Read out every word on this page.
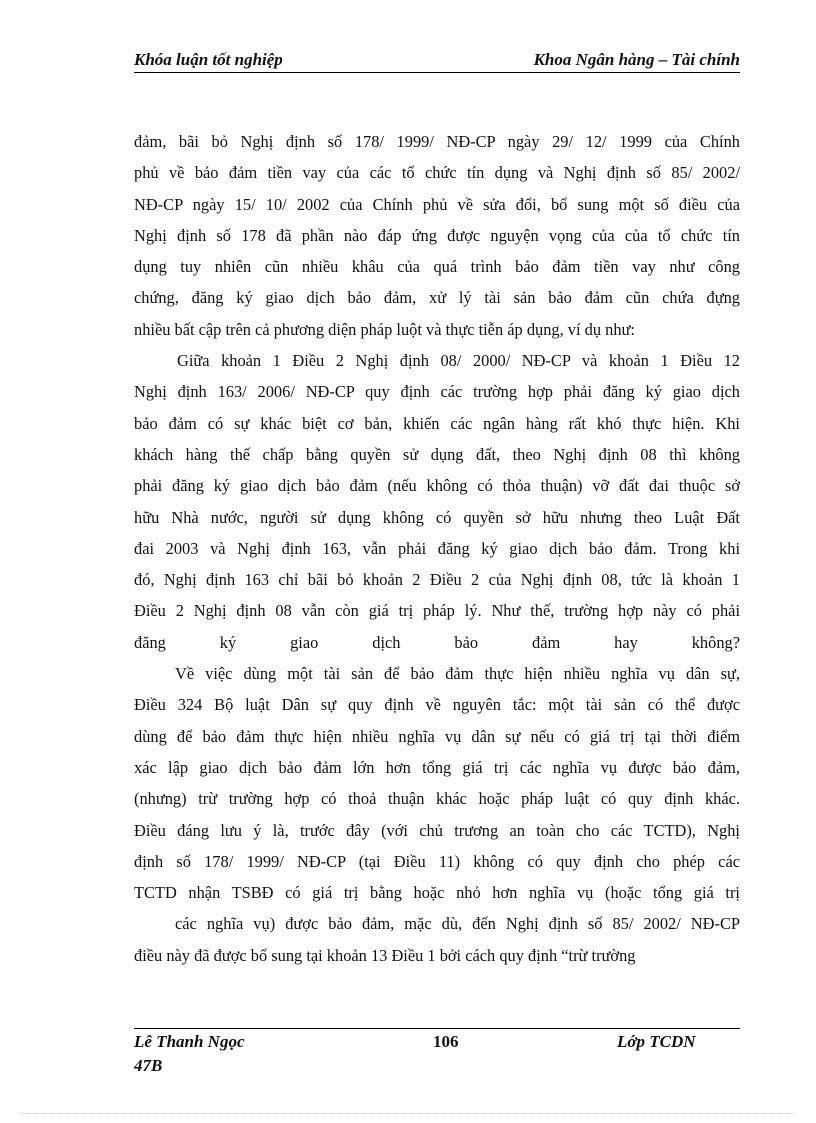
Khóa luận tốt nghiệp	Khoa Ngân hàng – Tài chính
đảm, bãi bỏ Nghị định số 178/ 1999/ NĐ-CP ngày 29/ 12/ 1999 của Chính
phủ về bảo đảm tiền vay của các tổ chức tín dụng và Nghị định số 85/ 2002/
NĐ-CP ngày 15/ 10/ 2002 của Chính phủ về sửa đổi, bổ sung một số điều của
Nghị định số 178 đã phần nào đáp ứng được nguyện vọng của của tổ chức tín
dụng tuy nhiên cũn nhiều khâu của quá trình bảo đảm tiền vay như công
chứng, đăng ký giao dịch bảo đảm, xử lý tài sản bảo đảm cũn chứa đựng
nhiều bất cập trên cả phương diện pháp luột và thực tiễn áp dụng, ví dụ như:
Giữa khoản 1 Điều 2 Nghị định 08/ 2000/ NĐ-CP và khoản 1 Điều 12
Nghị định 163/ 2006/ NĐ-CP quy định các trường hợp phải đăng ký giao dịch
bảo đảm có sự khác biệt cơ bản, khiến các ngân hàng rất khó thực hiện. Khi
khách hàng thế chấp bằng quyền sử dụng đất, theo Nghị định 08 thì không
phải đăng ký giao dịch bảo đảm (nếu không có thỏa thuận) vỡ đất đai thuộc sở
hữu Nhà nước, người sử dụng không có quyền sở hữu nhưng theo Luật Đất
đai 2003 và Nghị định 163, vẫn phải đăng ký giao dịch bảo đảm. Trong khi
đó, Nghị định 163 chỉ bãi bỏ khoản 2 Điều 2 của Nghị định 08, tức là khoản 1
Điều 2 Nghị định 08 vẫn còn giá trị pháp lý. Như thế, trường hợp này có phải
đăng ký giao dịch bảo đảm hay không?
Về việc dùng một tài sản để bảo đảm thực hiện nhiều nghĩa vụ dân sự,
Điều 324 Bộ luật Dân sự quy định về nguyên tắc: một tài sản có thể được
dùng để bảo đảm thực hiện nhiều nghĩa vụ dân sự nếu có giá trị tại thời điểm
xác lập giao dịch bảo đảm lớn hơn tổng giá trị các nghĩa vụ được bảo đảm,
(nhưng) trừ trường hợp có thoả thuận khác hoặc pháp luật có quy định khác.
Điều đáng lưu ý là, trước đây (với chủ trương an toàn cho các TCTD), Nghị
định số 178/ 1999/ NĐ-CP (tại Điều 11) không có quy định cho phép các
TCTD nhận TSBĐ có giá trị bằng hoặc nhỏ hơn nghĩa vụ (hoặc tổng giá trị
các nghĩa vụ) được bảo đảm, mặc dù, đến Nghị định số 85/ 2002/ NĐ-CP
điều này đã được bổ sung tại khoản 13 Điều 1 bởi cách quy định “trừ trường
Lê Thanh Ngọc
47B
106	Lớp TCDN
